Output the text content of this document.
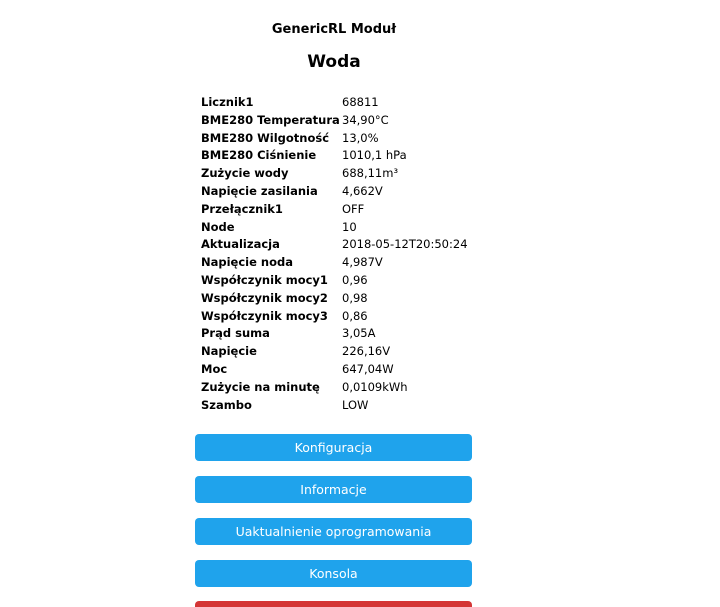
GenericRL Moduł
Woda
Licznik1	68811
BME280 Temperatura	34,90°C
BME280 Wilgotność	13,0%
BME280 Ciśnienie	1010,1 hPa
Zużycie wody	688,11m³
Napięcie zasilania	4,662V
Przełącznik1	OFF
Node	10
Aktualizacja	2018-05-12T20:50:24
Napięcie noda	4,987V
Współczynik mocy1	0,96
Współczynik mocy2	0,98
Współczynik mocy3	0,86
Prąd suma	3,05A
Napięcie	226,16V
Moc	647,04W
Zużycie na minutę	0,0109kWh
Szambo	LOW
Konfiguracja
Informacje
Uaktualnienie oprogramowania
Konsola
